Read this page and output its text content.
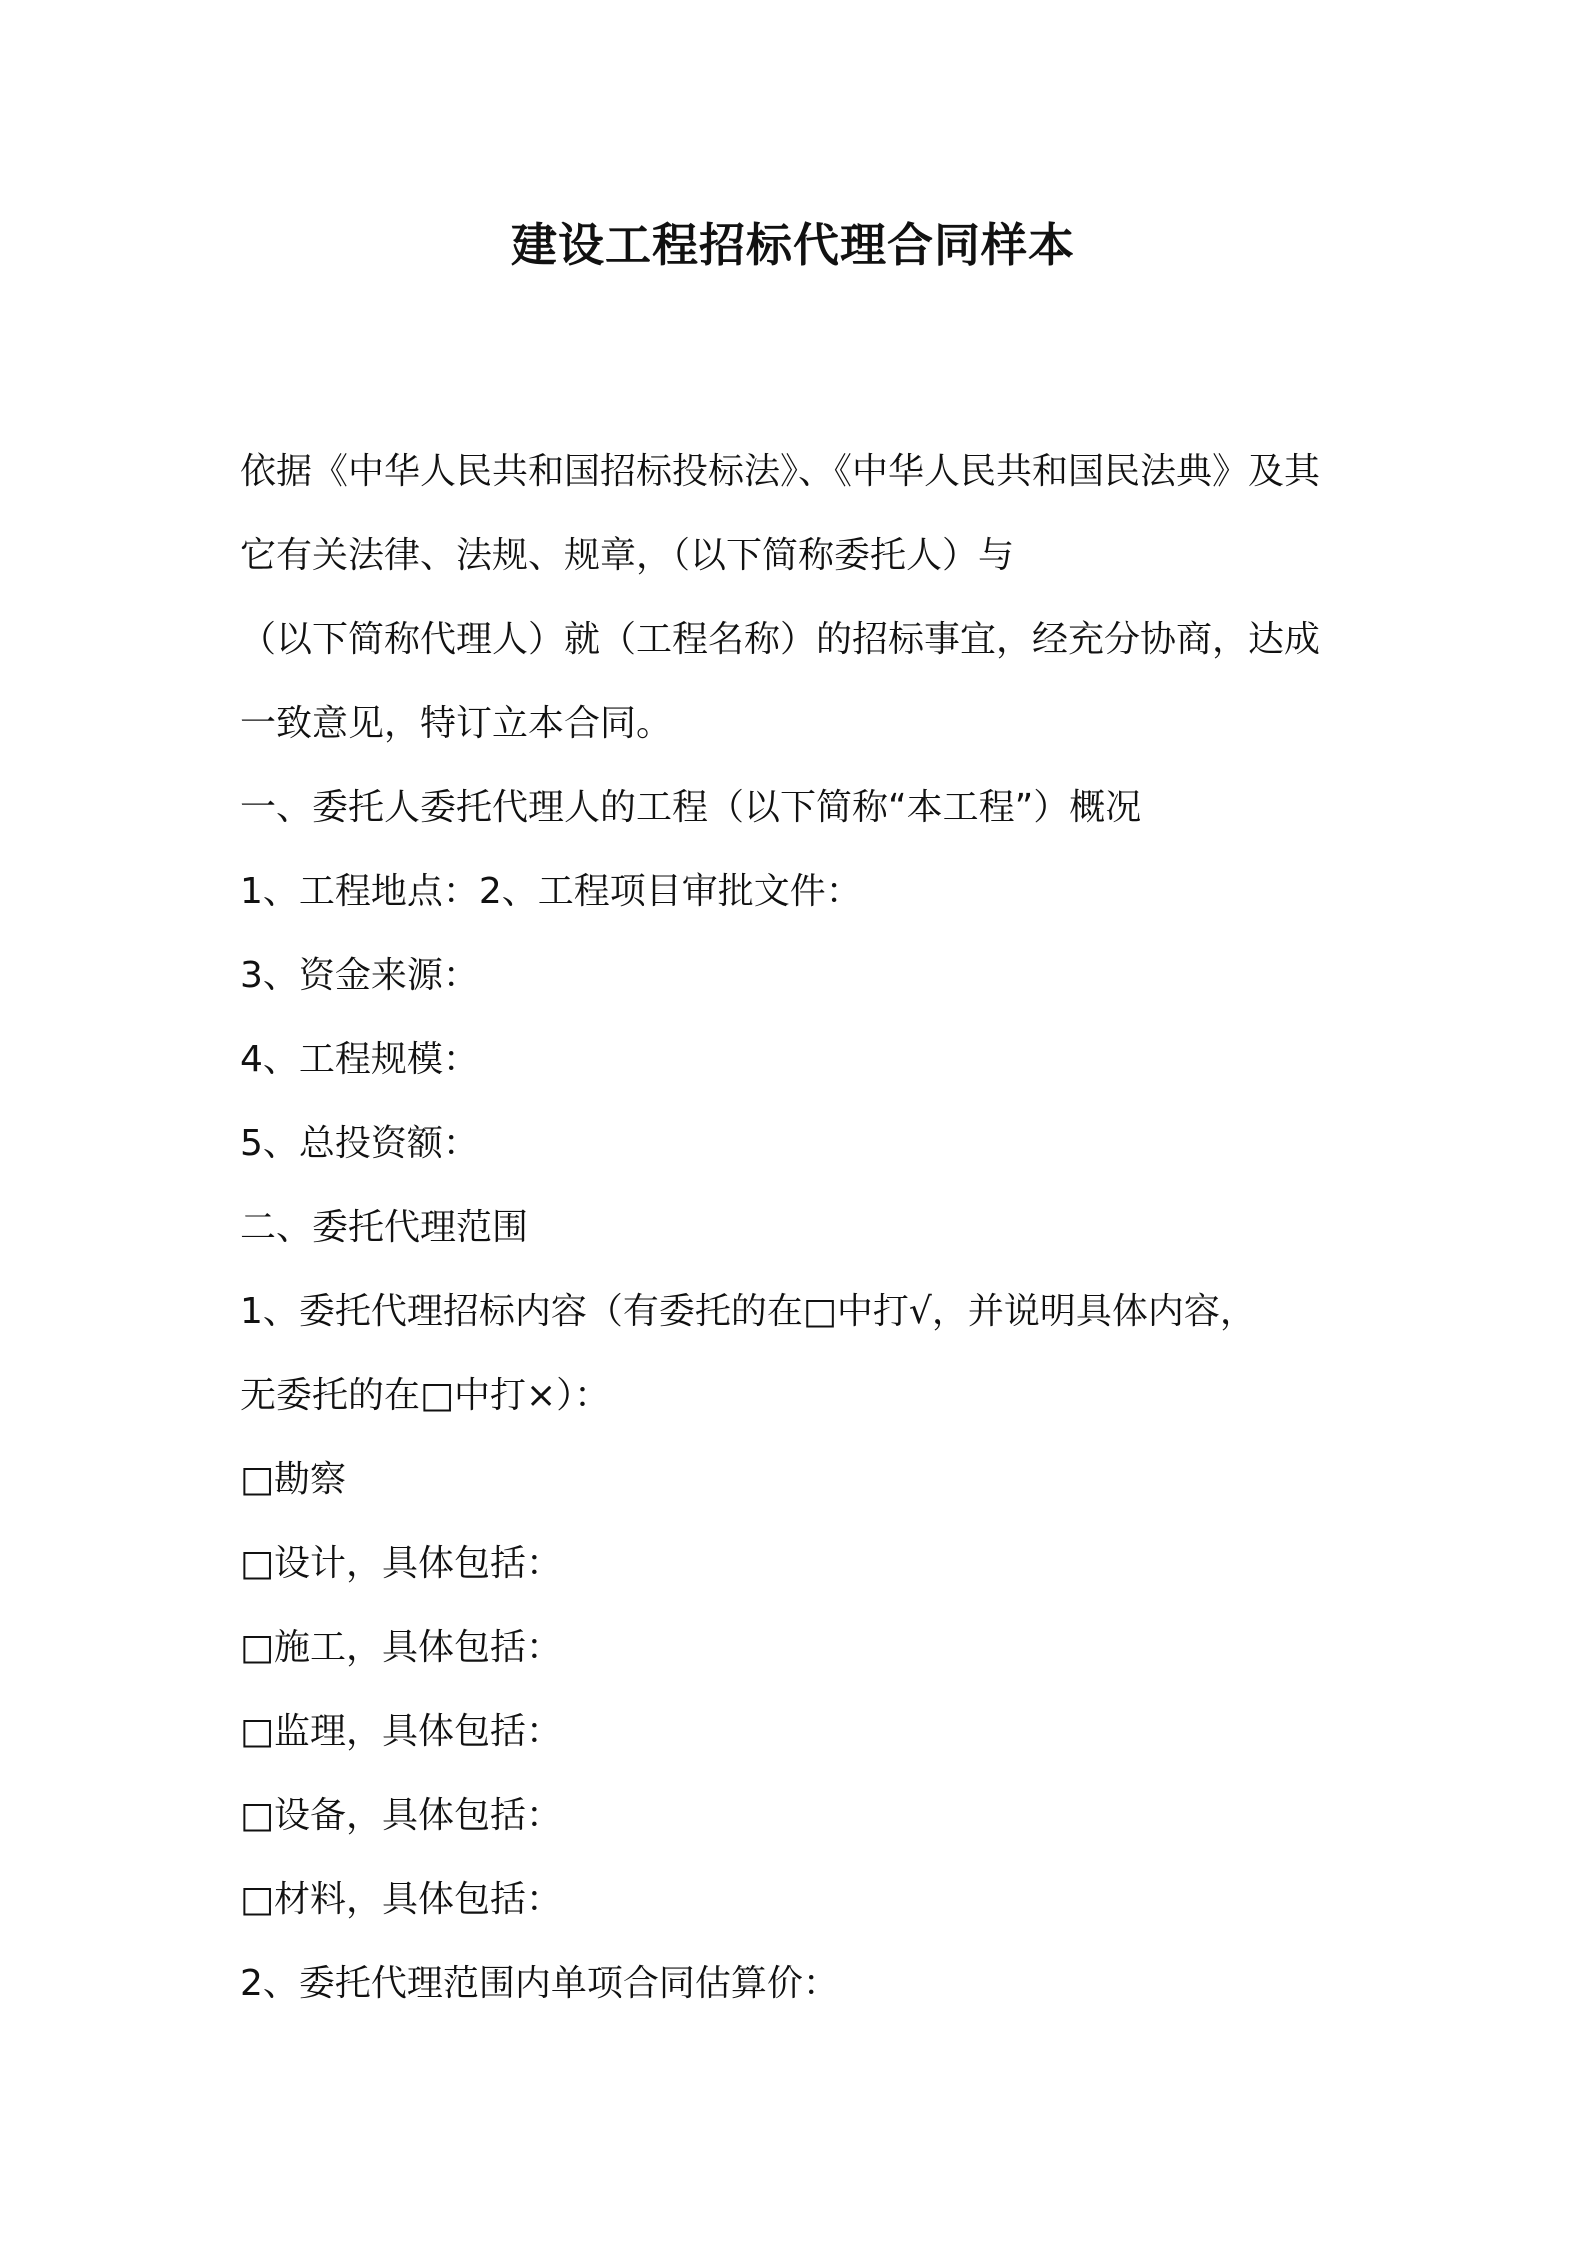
建设工程招标代理合同样本
依据《中华人民共和国招标投标法》、《中华人民共和国民法典》及其
它有关法律、法规、规章，（以下简称委托人）与
（以下简称代理人）就（工程名称）的招标事宜，经充分协商，达成
一致意见，特订立本合同。
一、委托人委托代理人的工程（以下简称“本工程”）概况
1、工程地点：2、工程项目审批文件：
3、资金来源：
4、工程规模：
5、总投资额：
二、委托代理范围
1、委托代理招标内容（有委托的在□中打√，并说明具体内容，
无委托的在□中打×）：
□勘察
□设计，具体包括：
□施工，具体包括：
□监理，具体包括：
□设备，具体包括：
□材料，具体包括：
2、委托代理范围内单项合同估算价：
